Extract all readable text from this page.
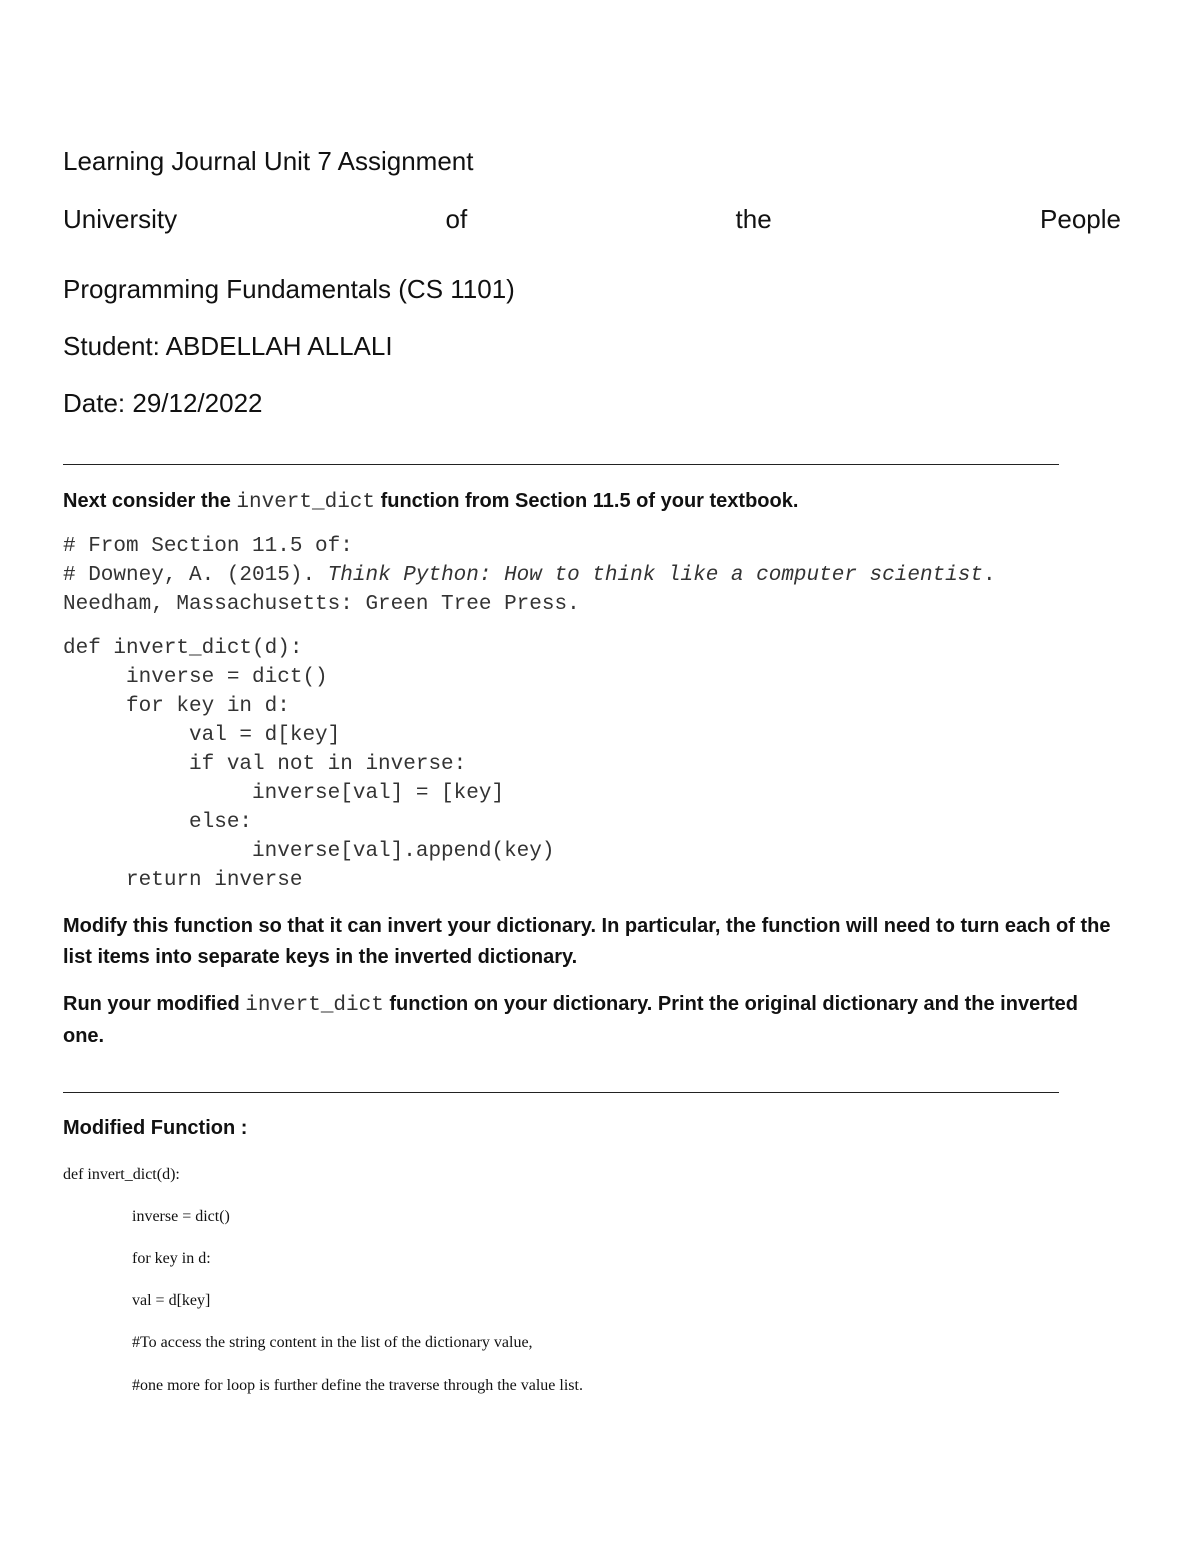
Learning Journal Unit 7 Assignment
University	of	the	People
Programming Fundamentals (CS 1101)
Student: ABDELLAH ALLALI
Date: 29/12/2022
Next consider the invert_dict function from Section 11.5 of your textbook.
# From Section 11.5 of:
# Downey, A. (2015). Think Python: How to think like a computer scientist.
Needham, Massachusetts: Green Tree Press.
def invert_dict(d):
inverse = dict()
for key in d:
val = d[key]
if val not in inverse:
inverse[val] = [key]
else:
inverse[val].append(key)
return inverse
Modify this function so that it can invert your dictionary. In particular, the function will need to turn each of the list items into separate keys in the inverted dictionary.
Run your modified invert_dict function on your dictionary. Print the original dictionary and the inverted one.
Modified Function :
def invert_dict(d):
inverse = dict()
for key in d:
val = d[key]
#To access the string content in the list of the dictionary value,
#one more for loop is further define the traverse through the value list.
